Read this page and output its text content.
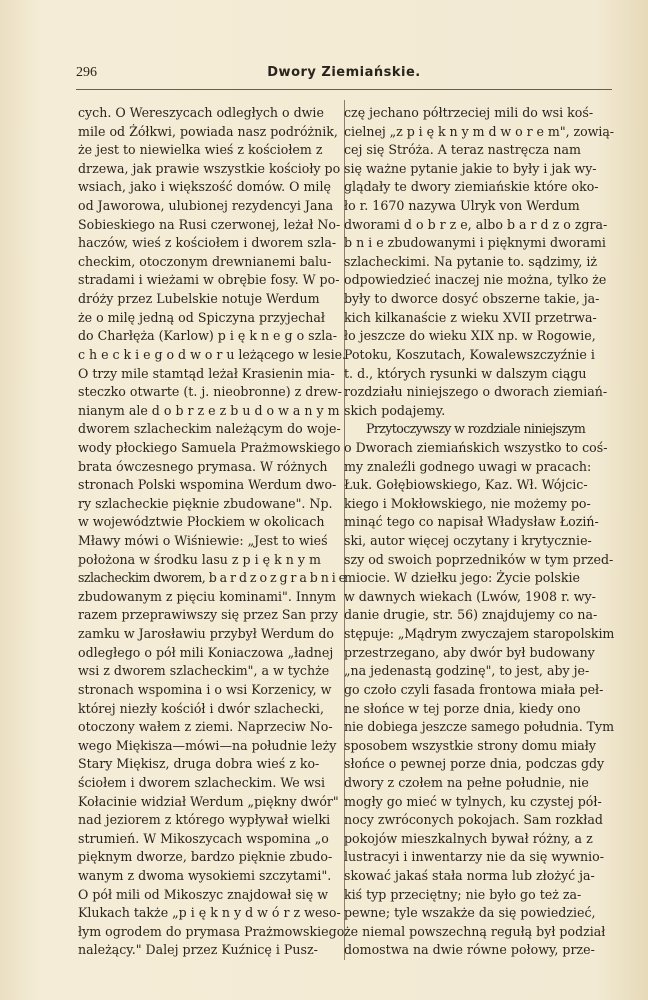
296	Dwory Ziemiańskie.
cych. O Wereszycach odległych o dwie
mile od Żółkwi, powiada nasz podróżnik,
że jest to niewielka wieś z kościołem z
drzewa, jak prawie wszystkie kościoły po
wsiach, jako i większość domów. O milę
od Jaworowa, ulubionej rezydencyi Jana
Sobieskiego na Rusi czerwonej, leżał No-
haczów, wieś z kościołem i dworem szla-
checkim, otoczonym drewnianemi balu-
stradami i wieżami w obrębie fosy. W po-
dróży przez Lubelskie notuje Werdum
że o milę jedną od Spiczyna przyjechał
do Charłęża (Karlow) p i ę k n e g o szla-
c h e c k i e g o d w o r u leżącego w lesie.
O trzy mile stamtąd leżał Krasienin mia-
steczko otwarte (t. j. nieobronne) z drew-
nianym ale d o b r z e z b u d o w a n y m
dworem szlacheckim należącym do woje-
wody płockiego Samuela Prażmowskiego
brata ówczesnego prymasa. W różnych
stronach Polski wspomina Werdum dwo-
ry szlacheckie pięknie zbudowane". Np.
w województwie Płockiem w okolicach
Mławy mówi o Wiśniewie: „Jest to wieś
położona w środku lasu z p i ę k n y m
szlacheckim dworem, b a r d z o z g r a b n i e
zbudowanym z pięciu kominami". Innym
razem przeprawiwszy się przez San przy
zamku w Jarosławiu przybył Werdum do
odległego o pół mili Koniaczowa „ładnej
wsi z dworem szlacheckim", a w tychże
stronach wspomina i o wsi Korzenicy, w
której niezły kościół i dwór szlachecki,
otoczony wałem z ziemi. Naprzeciw No-
wego Miękisza—mówi—na południe leży
Stary Miękisz, druga dobra wieś z ko-
ściołem i dworem szlacheckim. We wsi
Kołacinie widział Werdum „piękny dwór"
nad jeziorem z którego wypływał wielki
strumień. W Mikoszycach wspomina „o
pięknym dworze, bardzo pięknie zbudo-
wanym z dwoma wysokiemi szczytami".
O pół mili od Mikoszyc znajdował się w
Klukach także „p i ę k n y d w ó r z weso-
łym ogrodem do prymasa Prażmowskiego
należący." Dalej przez Kuźnicę i Pusz-
czę jechano półtrzeciej mili do wsi koś-
cielnej „z p i ę k n y m d w o r e m", zowią-
cej się Stróża. A teraz nastręcza nam
się ważne pytanie jakie to były i jak wy-
glądały te dwory ziemiańskie które oko-
ło r. 1670 nazywa Ulryk von Werdum
dworami d o b r z e, albo b a r d z o zgra-
b n i e zbudowanymi i pięknymi dworami
szlacheckimi. Na pytanie to. sądzimy, iż
odpowiedzieć inaczej nie można, tylko że
były to dworce dosyć obszerne takie, ja-
kich kilkanaście z wieku XVII przetrwa-
ło jeszcze do wieku XIX np. w Rogowie,
Potoku, Koszutach, Kowalewszczyźnie i
t. d., których rysunki w dalszym ciągu
rozdziału niniejszego o dworach ziemiań-
skich podajemy.
Przytoczywszy w rozdziale niniejszym
o Dworach ziemiańskich wszystko to coś-
my znaleźli godnego uwagi w pracach:
Łuk. Gołębiowskiego, Kaz. Wł. Wójcic-
kiego i Mokłowskiego, nie możemy po-
minąć tego co napisał Władysław Łoziń-
ski, autor więcej oczytany i krytycznie-
szy od swoich poprzedników w tym przed-
miocie. W dziełku jego: Życie polskie
w dawnych wiekach (Lwów, 1908 r. wy-
danie drugie, str. 56) znajdujemy co na-
stępuje: „Mądrym zwyczajem staropolskim
przestrzegano, aby dwór był budowany
„na jedenastą godzinę", to jest, aby je-
go czoło czyli fasada frontowa miała peł-
ne słońce w tej porze dnia, kiedy ono
nie dobiega jeszcze samego południa. Tym
sposobem wszystkie strony domu miały
słońce o pewnej porze dnia, podczas gdy
dwory z czołem na pełne południe, nie
mogły go mieć w tylnych, ku czystej pół-
nocy zwróconych pokojach. Sam rozkład
pokojów mieszkalnych bywał różny, a z
lustracyi i inwentarzy nie da się wywnio-
skować jakaś stała norma lub złożyć ja-
kiś typ przeciętny; nie było go też za-
pewne; tyle wszakże da się powiedzieć,
że niemal powszechną regułą był podział
domostwa na dwie równe połowy, prze-
